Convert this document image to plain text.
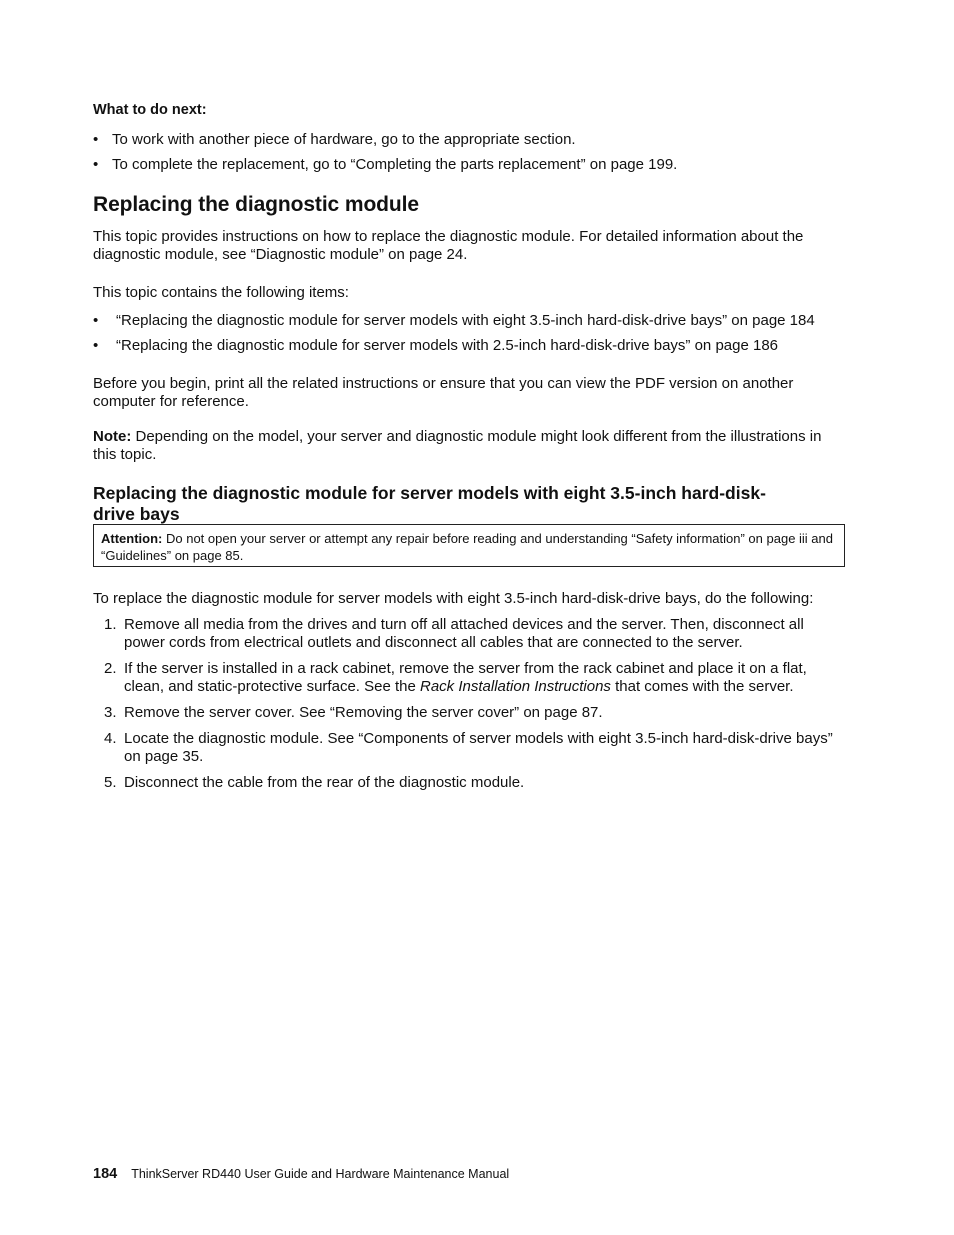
What to do next:

• To work with another piece of hardware, go to the appropriate section.
• To complete the replacement, go to “Completing the parts replacement” on page 199.
Replacing the diagnostic module

This topic provides instructions on how to replace the diagnostic module. For detailed information about the diagnostic module, see “Diagnostic module” on page 24.

This topic contains the following items:

• “Replacing the diagnostic module for server models with eight 3.5-inch hard-disk-drive bays” on page 184
• “Replacing the diagnostic module for server models with 2.5-inch hard-disk-drive bays” on page 186

Before you begin, print all the related instructions or ensure that you can view the PDF version on another computer for reference.

Note: Depending on the model, your server and diagnostic module might look different from the illustrations in this topic.

Replacing the diagnostic module for server models with eight 3.5-inch hard-disk-drive bays
Attention: Do not open your server or attempt any repair before reading and understanding “Safety information” on page iii and “Guidelines” on page 85.

To replace the diagnostic module for server models with eight 3.5-inch hard-disk-drive bays, do the following:

1. Remove all media from the drives and turn off all attached devices and the server. Then, disconnect all power cords from electrical outlets and disconnect all cables that are connected to the server.
2. If the server is installed in a rack cabinet, remove the server from the rack cabinet and place it on a flat, clean, and static-protective surface. See the Rack Installation Instructions that comes with the server.
3. Remove the server cover. See “Removing the server cover” on page 87.
4. Locate the diagnostic module. See “Components of server models with eight 3.5-inch hard-disk-drive bays” on page 35.
5. Disconnect the cable from the rear of the diagnostic module.
184 ThinkServer RD440 User Guide and Hardware Maintenance Manual
